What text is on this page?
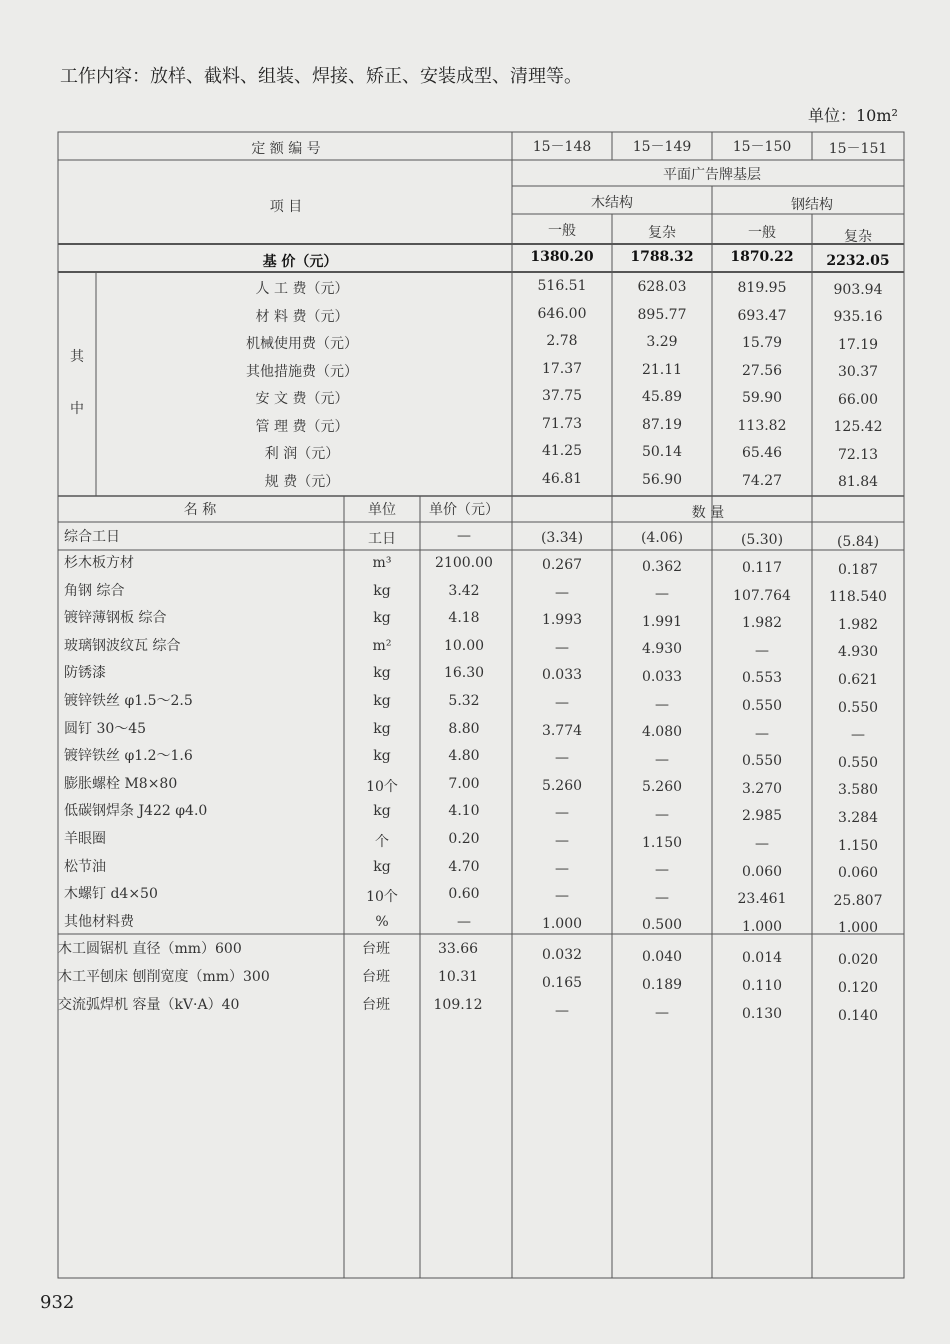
工作内容：放样、截料、组装、焊接、矫正、安装成型、清理等。
单位：10m²
定 额 编 号	15－148	15－149	15－150	15－151
项 目
平面广告牌基层
木结构	钢结构
一般	复杂	一般	复杂
基 价（元）	1380.20	1788.32	1870.22 2232.05
其
中
人 工 费（元）	516.51	628.03	819.95	903.94
材 料 费（元）	646.00	895.77	693.47	935.16
机械使用费（元）	2.78	3.29	15.79	17.19
其他措施费（元）	17.37	21.11	27.56	30.37
安 文 费（元）	37.75	45.89	59.90	66.00
管 理 费（元）	71.73	87.19	113.82	125.42
利 润（元）	41.25	50.14	65.46	72.13
规 费（元）	46.81	56.90	74.27	81.84
名 称	单位 单价（元）	数 量
综合工日	工日	—	(3.34)	(4.06)	(5.30)	(5.84)
杉木板方材	m³	2100.00	0.267	0.362	0.117	0.187
角钢 综合	kg	3.42	—	—	107.764	118.540
镀锌薄钢板 综合	kg	4.18	1.993	1.991	1.982	1.982
玻璃钢波纹瓦 综合	m²	10.00	—	4.930	—	4.930
防锈漆	kg	16.30	0.033	0.033	0.553	0.621
镀锌铁丝 φ1.5～2.5	kg	5.32	—	—	0.550	0.550
圆钉 30～45	kg	8.80	3.774	4.080	—	—
镀锌铁丝 φ1.2～1.6	kg	4.80	—	—	0.550	0.550
膨胀螺栓 M8×80	10个	7.00	5.260	5.260	3.270	3.580
低碳钢焊条 J422 φ4.0	kg	4.10	—	—	2.985	3.284
羊眼圈	个	0.20	—	1.150	—	1.150
松节油	kg	4.70	—	—	0.060	0.060
木螺钉 d4×50	10个	0.60	—	—	23.461	25.807
其他材料费	%	—	1.000	0.500	1.000	1.000
木工圆锯机 直径（mm）600	台班	33.66	0.032	0.040	0.014	0.020
木工平刨床 刨削宽度（mm）300	台班	10.31	0.165	0.189	0.110	0.120
交流弧焊机 容量（kV·A）40	台班	109.12	—	—	0.130	0.140
932
